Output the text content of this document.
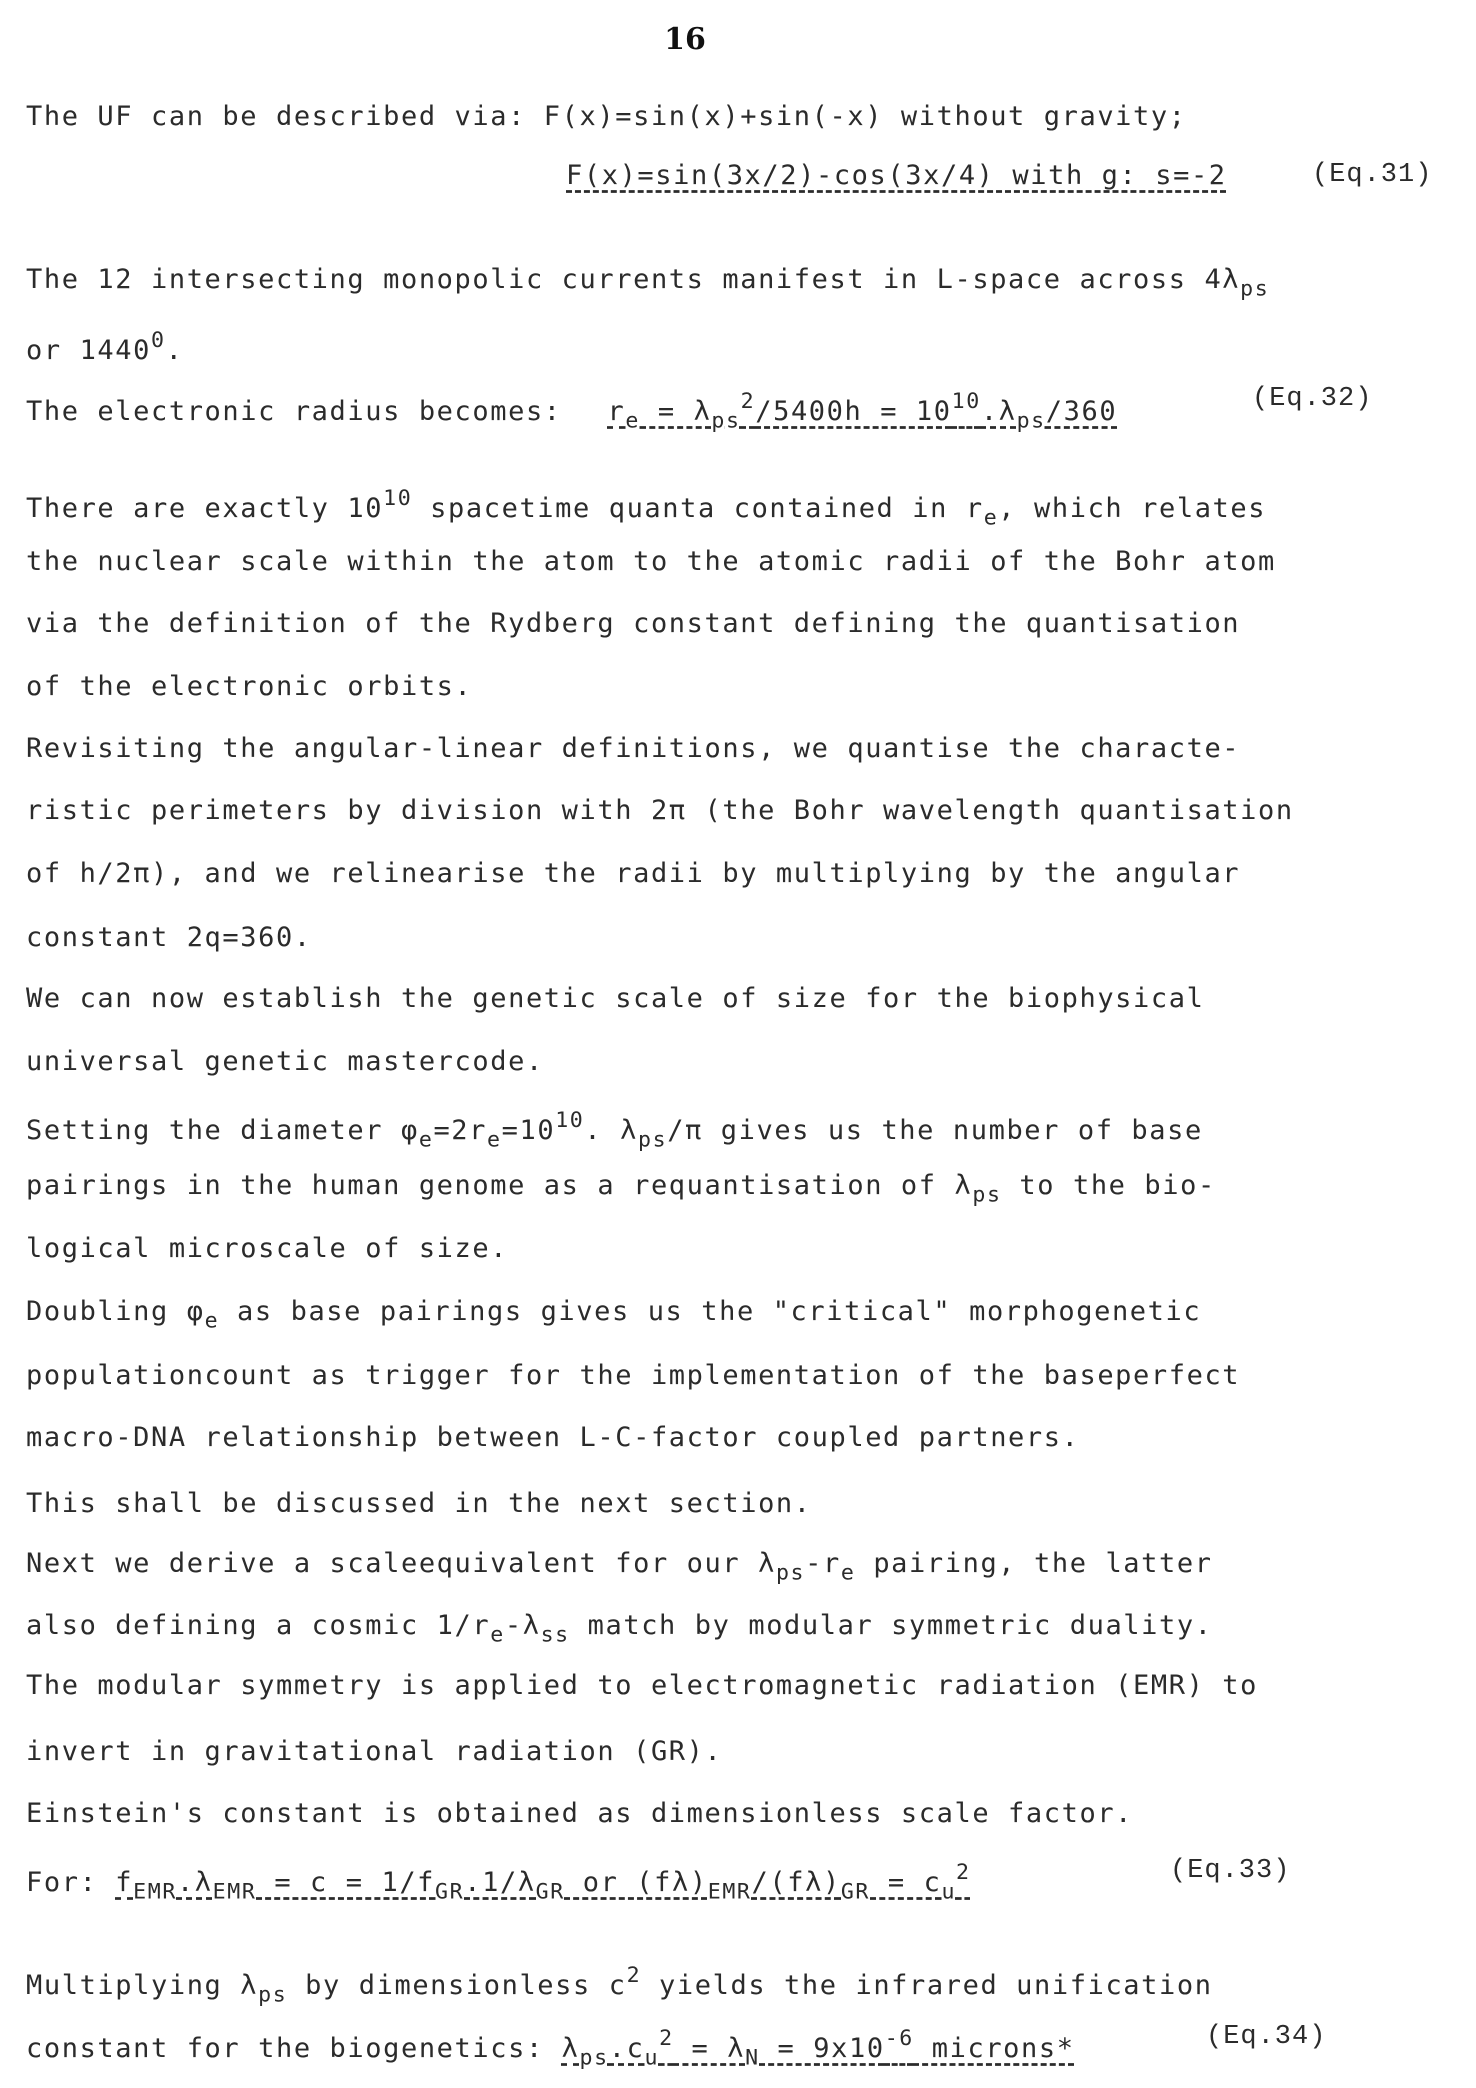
16
The UF can be described via: F(x)=sin(x)+sin(-x) without gravity;
F(x)=sin(3x/2)-cos(3x/4) with g: s=-2	(Eq.31)
The 12 intersecting monopolic currents manifest in L-space across $4\lambda_{ps}$
or 1440$^0$.
The electronic radius becomes: $r_e = \lambda_{ps}^2/5400h = 10^{10}.\lambda_{ps}/360$	(Eq.32)
There are exactly $10^{10}$ spacetime quanta contained in $r_e$, which relates
the nuclear scale within the atom to the atomic radii of the Bohr atom
via the definition of the Rydberg constant defining the quantisation
of the electronic orbits.
Revisiting the angular-linear definitions, we quantise the characte-
ristic perimeters by division with 2π (the Bohr wavelength quantisation
of h/2π), and we relinearise the radii by multiplying by the angular
constant 2q=360.
We can now establish the genetic scale of size for the biophysical
universal genetic mastercode.
Setting the diameter $\varphi_e=2r_e=10^{10}$. $\lambda_{ps}/\pi$ gives us the number of base
pairings in the human genome as a requantisation of $\lambda_{ps}$ to the bio-
logical microscale of size.
Doubling $\varphi_e$ as base pairings gives us the "critical" morphogenetic
populationcount as trigger for the implementation of the baseperfect
macro-DNA relationship between L-C-factor coupled partners.
This shall be discussed in the next section.
Next we derive a scaleequivalent for our $\lambda_{ps}-r_e$ pairing, the latter
also defining a cosmic $1/r_e-\lambda_{ss}$ match by modular symmetric duality.
The modular symmetry is applied to electromagnetic radiation (EMR) to
invert in gravitational radiation (GR).
Einstein's constant is obtained as dimensionless scale factor.
For: $f_{EMR}.\lambda_{EMR} = c = 1/f_{GR}.1/\lambda_{GR}$ or $(f\lambda)_{EMR}/(f\lambda)_{GR} = c_u^2$	(Eq.33)
Multiplying $\lambda_{ps}$ by dimensionless $c^2$ yields the infrared unification
constant for the biogenetics: $\lambda_{ps}.c_u^2 = \lambda_N = 9x10^{-6}$ microns*	(Eq.34)
